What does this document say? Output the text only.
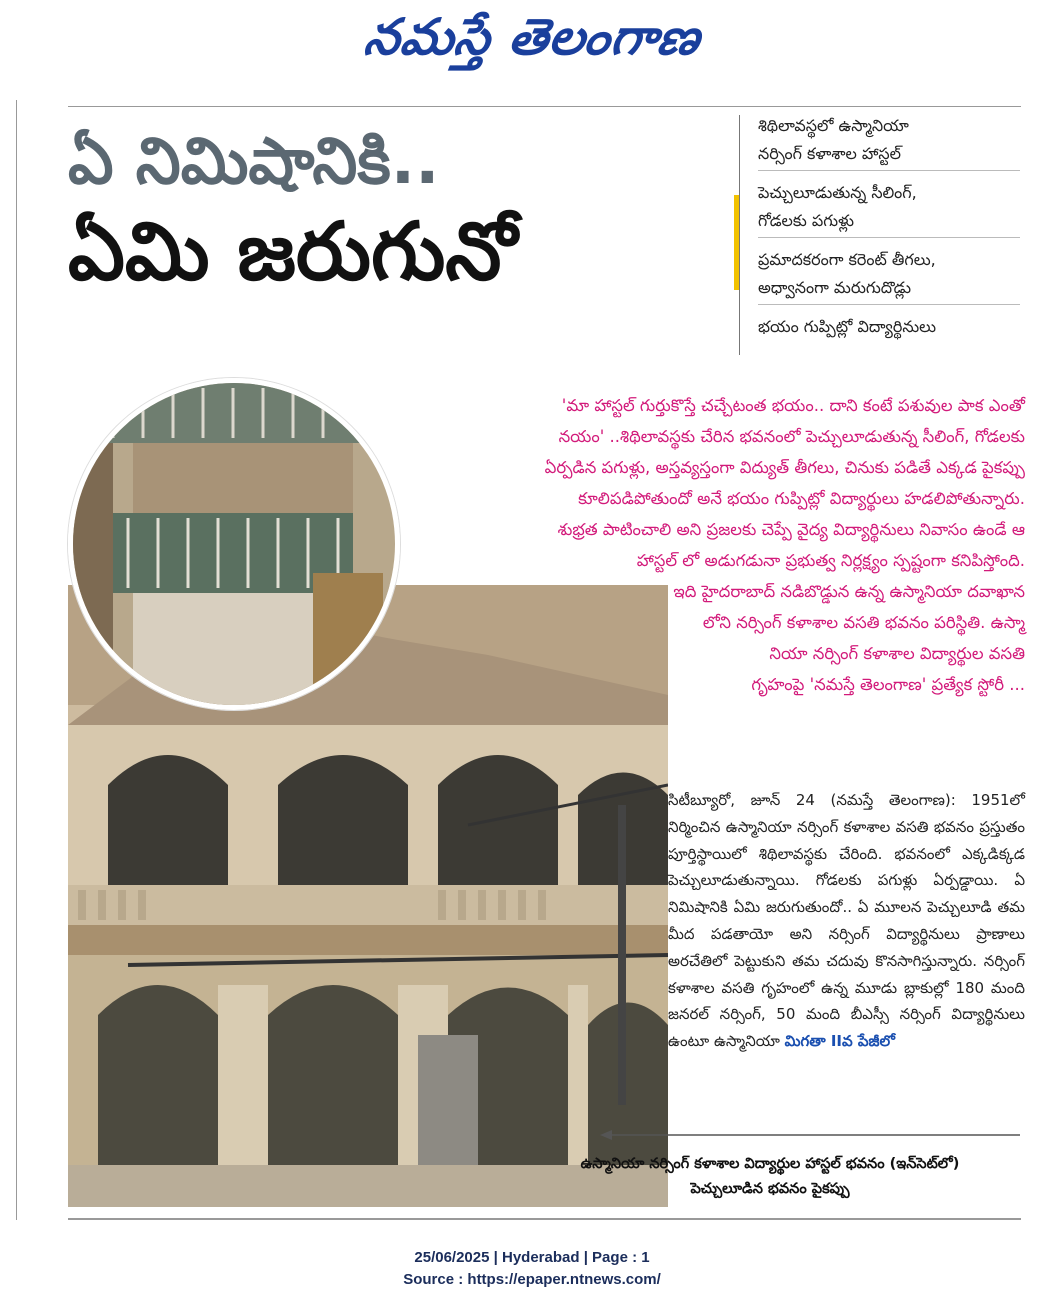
నమస్తే తెలంగాణ
ఏ నిమిషానికి..
ఏమి జరుగునో
శిథిలావస్థలో ఉస్మానియా
నర్సింగ్ కళాశాల హాస్టల్
పెచ్చులూడుతున్న సీలింగ్,
గోడలకు పగుళ్లు
ప్రమాదకరంగా కరెంట్ తీగలు,
అధ్వానంగా మరుగుదొడ్లు
భయం గుప్పిట్లో విద్యార్థినులు

'మా హాస్టల్ గుర్తుకొస్తే చచ్చేటంత భయం.. దాని కంటే పశువుల పాక ఎంతో

నయం' ..శిథిలావస్థకు చేరిన భవనంలో పెచ్చులూడుతున్న సీలింగ్, గోడలకు

ఏర్పడిన పగుళ్లు, అస్తవ్యస్తంగా విద్యుత్ తీగలు, చినుకు పడితే ఎక్కడ పైకప్పు

కూలిపడిపోతుందో అనే భయం గుప్పిట్లో విద్యార్థులు హడలిపోతున్నారు.

శుభ్రత పాటించాలి అని ప్రజలకు చెప్పే వైద్య విద్యార్థినులు నివాసం ఉండే ఆ

హాస్టల్ లో అడుగడునా ప్రభుత్వ నిర్లక్ష్యం స్పష్టంగా కనిపిస్తోంది.

ఇది హైదరాబాద్ నడిబొడ్డున ఉన్న ఉస్మానియా దవాఖాన

లోని నర్సింగ్ కళాశాల వసతి భవనం పరిస్థితి. ఉస్మా

నియా నర్సింగ్ కళాశాల విద్యార్థుల వసతి

గృహంపై 'నమస్తే తెలంగాణ' ప్రత్యేక స్టోరీ ...

సిటీబ్యూరో, జూన్ 24 (నమస్తే తెలంగాణ): 1951లో నిర్మించిన ఉస్మానియా నర్సింగ్ కళాశాల వసతి భవనం ప్రస్తుతం పూర్తిస్థాయిలో శిథిలావస్థకు చేరింది. భవనంలో ఎక్కడిక్కడ పెచ్చులూడుతున్నాయి. గోడలకు పగుళ్లు ఏర్పడ్డాయి. ఏ నిమిషానికి ఏమి జరుగుతుందో.. ఏ మూలన పెచ్చులూడి తమ మీద పడతాయో అని నర్సింగ్ విద్యార్థినులు ప్రాణాలు అరచేతిలో పెట్టుకుని తమ చదువు కొనసాగిస్తున్నారు. నర్సింగ్ కళాశాల వసతి గృహంలో ఉన్న మూడు బ్లాకుల్లో 180 మంది జనరల్ నర్సింగ్, 50 మంది బీఎస్సీ నర్సింగ్ విద్యార్థినులు ఉంటూ ఉస్మానియా మిగతా IIవ పేజీలో
ఉస్మానియా నర్సింగ్ కళాశాల విద్యార్థుల హాస్టల్ భవనం (ఇన్‌సెట్‌లో)
పెచ్చులూడిన భవనం పైకప్పు
25/06/2025 | Hyderabad | Page : 1
Source : https://epaper.ntnews.com/
